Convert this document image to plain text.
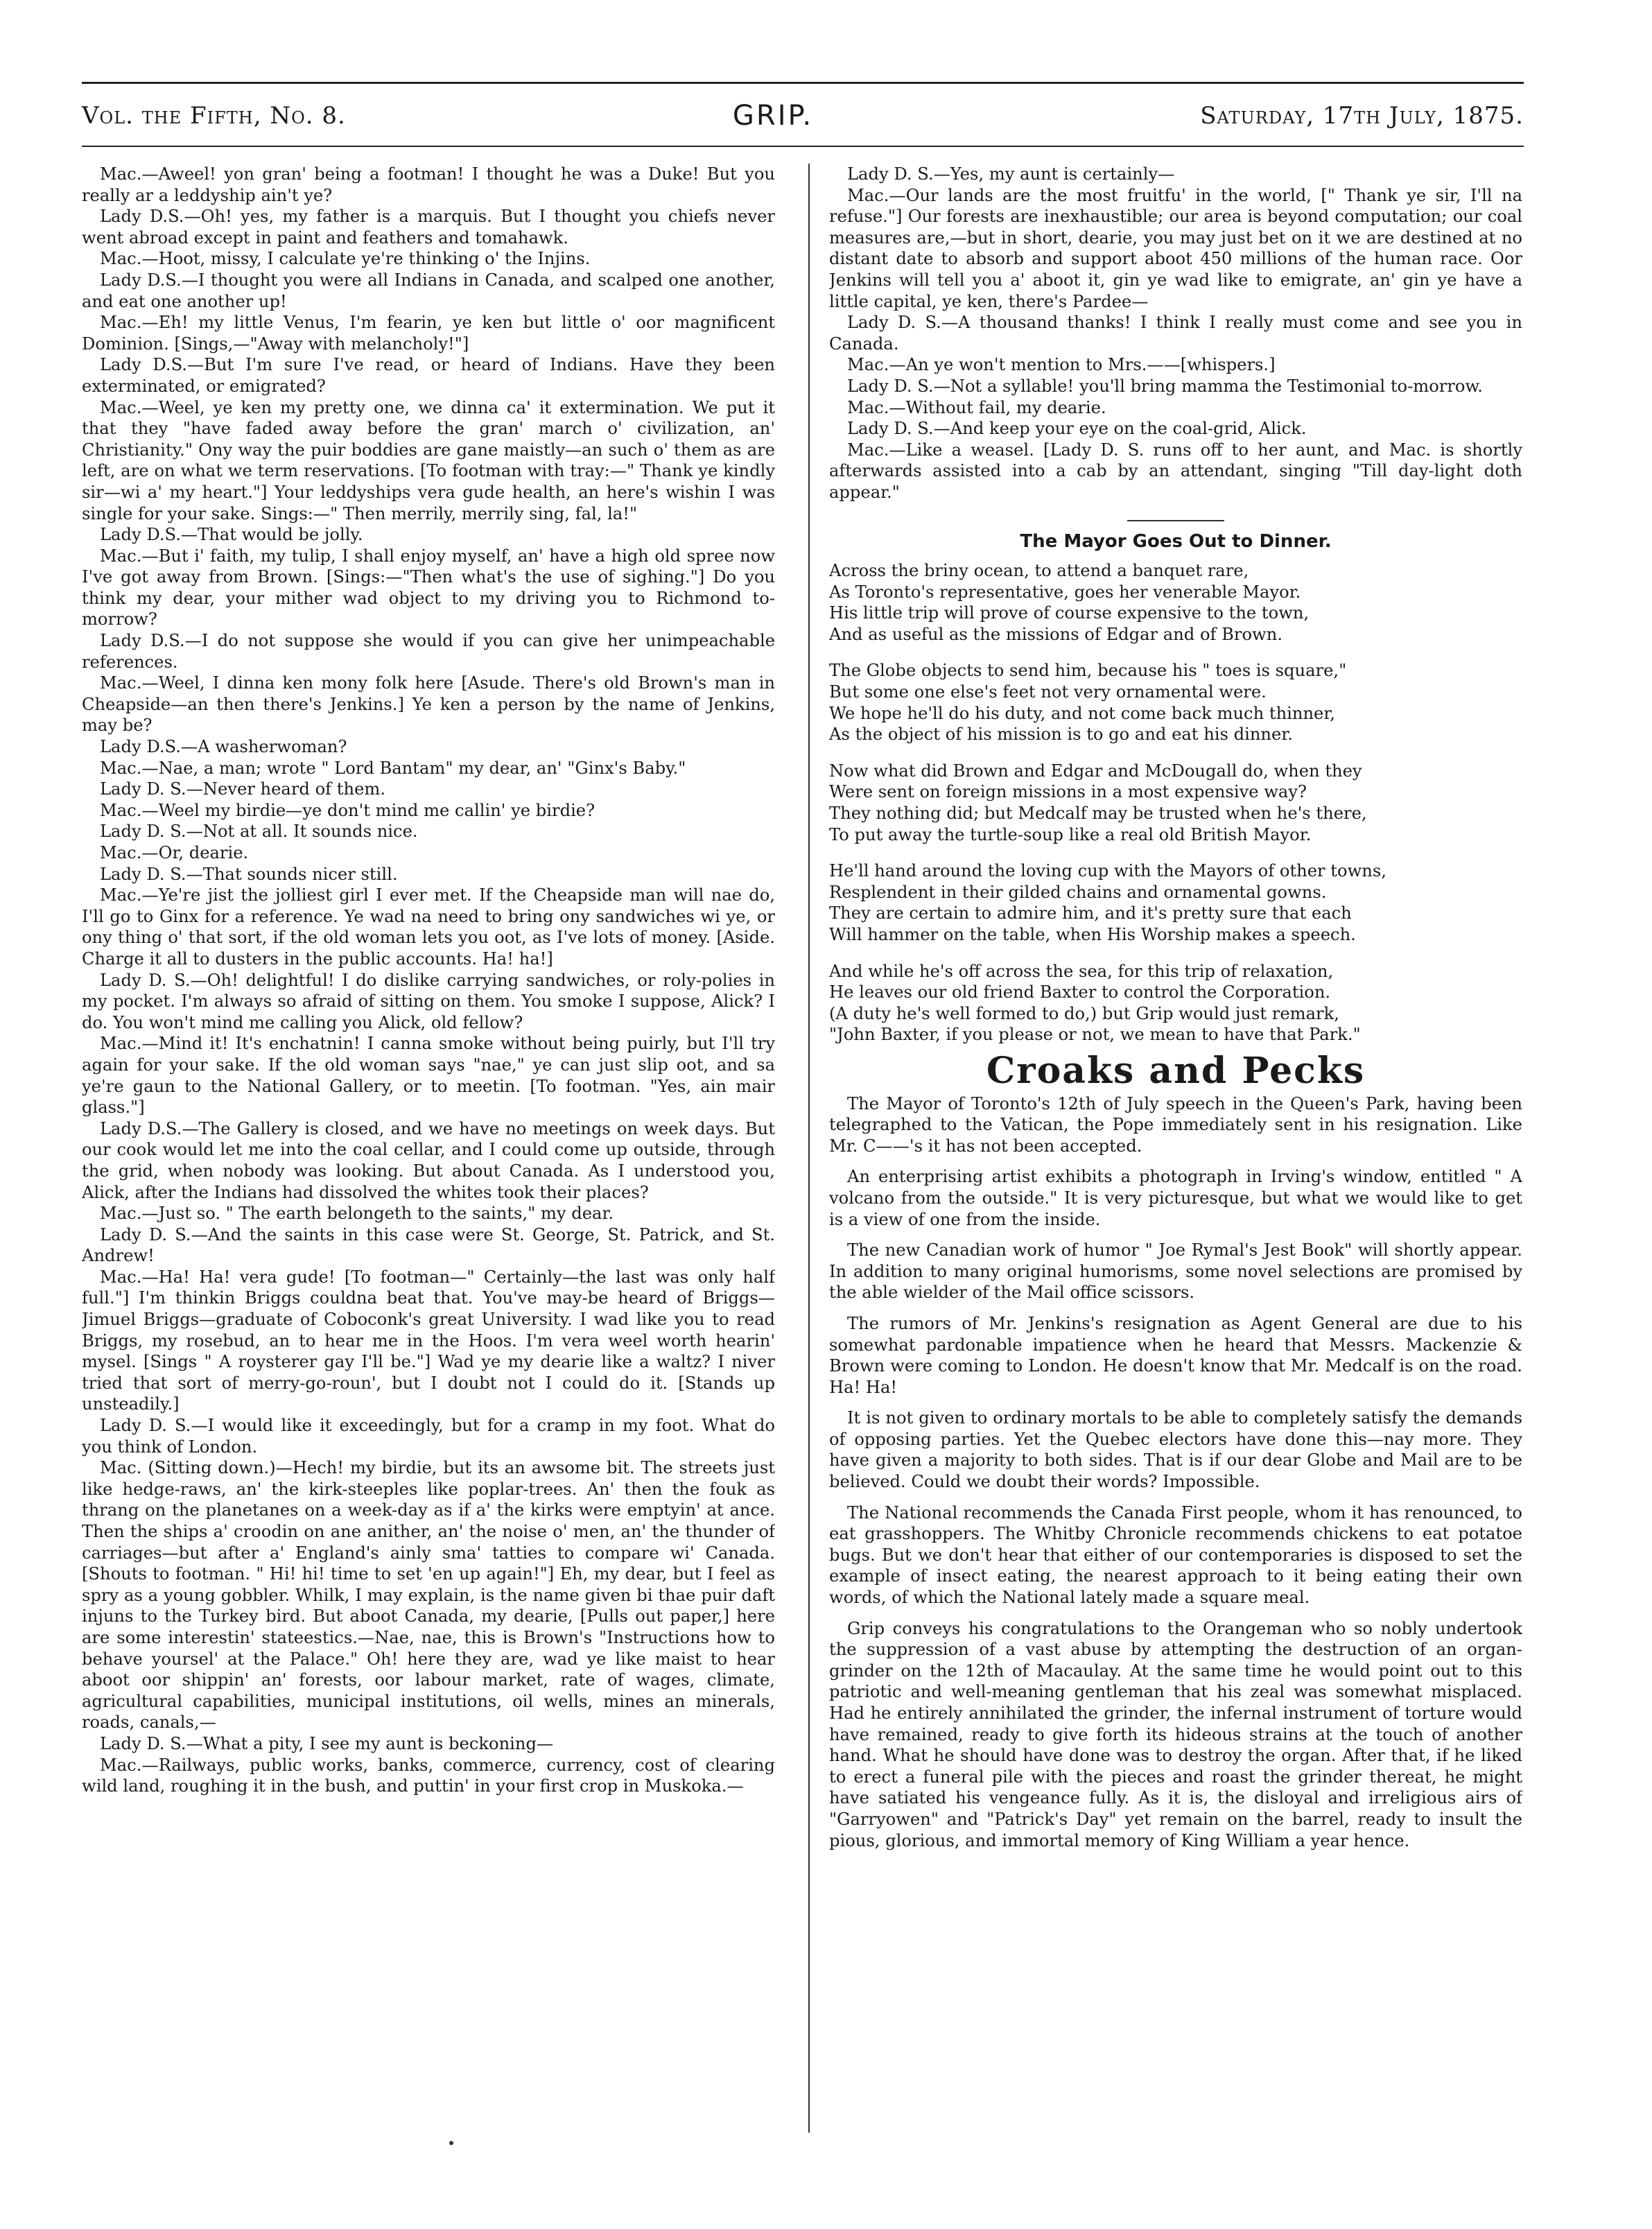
Vol. the Fifth, No. 8.	GRIP.	Saturday, 17th July, 1875.

Mac.—Aweel! yon gran' being a footman! I thought he was a Duke! But you really ar a leddyship ain't ye?

Lady D.S.—Oh! yes, my father is a marquis. But I thought you chiefs never went abroad except in paint and feathers and tomahawk.

Mac.—Hoot, missy, I calculate ye're thinking o' the Injins.

Lady D.S.—I thought you were all Indians in Canada, and scalped one another, and eat one another up!

Mac.—Eh! my little Venus, I'm fearin, ye ken but little o' oor magnificent Dominion. [Sings,—"Away with melancholy!"]

Lady D.S.—But I'm sure I've read, or heard of Indians. Have they been exterminated, or emigrated?

Mac.—Weel, ye ken my pretty one, we dinna ca' it extermination. We put it that they "have faded away before the gran' march o' civilization, an' Christianity." Ony way the puir boddies are gane maistly—an such o' them as are left, are on what we term reservations. [To footman with tray:—" Thank ye kindly sir—wi a' my heart."] Your leddyships vera gude health, an here's wishin I was single for your sake. Sings:—" Then merrily, merrily sing, fal, la!"

Lady D.S.—That would be jolly.

Mac.—But i' faith, my tulip, I shall enjoy myself, an' have a high old spree now I've got away from Brown. [Sings:—"Then what's the use of sighing."] Do you think my dear, your mither wad object to my driving you to Richmond to-morrow?

Lady D.S.—I do not suppose she would if you can give her unimpeachable references.

Mac.—Weel, I dinna ken mony folk here [Asude. There's old Brown's man in Cheapside—an then there's Jenkins.] Ye ken a person by the name of Jenkins, may be?

Lady D.S.—A washerwoman?

Mac.—Nae, a man; wrote " Lord Bantam" my dear, an' "Ginx's Baby."

Lady D. S.—Never heard of them.

Mac.—Weel my birdie—ye don't mind me callin' ye birdie?

Lady D. S.—Not at all. It sounds nice.

Mac.—Or, dearie.

Lady D. S.—That sounds nicer still.

Mac.—Ye're jist the jolliest girl I ever met. If the Cheapside man will nae do, I'll go to Ginx for a reference. Ye wad na need to bring ony sandwiches wi ye, or ony thing o' that sort, if the old woman lets you oot, as I've lots of money. [Aside. Charge it all to dusters in the public accounts. Ha! ha!]

Lady D. S.—Oh! delightful! I do dislike carrying sandwiches, or roly-polies in my pocket. I'm always so afraid of sitting on them. You smoke I suppose, Alick? I do. You won't mind me calling you Alick, old fellow?

Mac.—Mind it! It's enchatnin! I canna smoke without being puirly, but I'll try again for your sake. If the old woman says "nae," ye can just slip oot, and sa ye're gaun to the National Gallery, or to meetin. [To footman. "Yes, ain mair glass."]

Lady D.S.—The Gallery is closed, and we have no meetings on week days. But our cook would let me into the coal cellar, and I could come up outside, through the grid, when nobody was looking. But about Canada. As I understood you, Alick, after the Indians had dissolved the whites took their places?

Mac.—Just so. " The earth belongeth to the saints," my dear.

Lady D. S.—And the saints in this case were St. George, St. Patrick, and St. Andrew!

Mac.—Ha! Ha! vera gude! [To footman—" Certainly—the last was only half full."] I'm thinkin Briggs couldna beat that. You've may-be heard of Briggs—Jimuel Briggs—graduate of Coboconk's great University. I wad like you to read Briggs, my rosebud, an to hear me in the Hoos. I'm vera weel worth hearin' mysel. [Sings " A roysterer gay I'll be."] Wad ye my dearie like a waltz? I niver tried that sort of merry-go-roun', but I doubt not I could do it. [Stands up unsteadily.]

Lady D. S.—I would like it exceedingly, but for a cramp in my foot. What do you think of London.

Mac. (Sitting down.)—Hech! my birdie, but its an awsome bit. The streets just like hedge-raws, an' the kirk-steeples like poplar-trees. An' then the fouk as thrang on the planetanes on a week-day as if a' the kirks were emptyin' at ance. Then the ships a' croodin on ane anither, an' the noise o' men, an' the thunder of carriages—but after a' England's ainly sma' tatties to compare wi' Canada. [Shouts to footman. " Hi! hi! time to set 'en up again!"] Eh, my dear, but I feel as spry as a young gobbler. Whilk, I may explain, is the name given bi thae puir daft injuns to the Turkey bird. But aboot Canada, my dearie, [Pulls out paper,] here are some interestin' stateestics.—Nae, nae, this is Brown's "Instructions how to behave yoursel' at the Palace." Oh! here they are, wad ye like maist to hear aboot oor shippin' an' forests, oor labour market, rate of wages, climate, agricultural capabilities, municipal institutions, oil wells, mines an minerals, roads, canals,—

Lady D. S.—What a pity, I see my aunt is beckoning—

Mac.—Railways, public works, banks, commerce, currency, cost of clearing wild land, roughing it in the bush, and puttin' in your first crop in Muskoka.—

Lady D. S.—Yes, my aunt is certainly—

Mac.—Our lands are the most fruitfu' in the world, [" Thank ye sir, I'll na refuse."] Our forests are inexhaustible; our area is beyond computation; our coal measures are,—but in short, dearie, you may just bet on it we are destined at no distant date to absorb and support aboot 450 millions of the human race. Oor Jenkins will tell you a' aboot it, gin ye wad like to emigrate, an' gin ye have a little capital, ye ken, there's Pardee—

Lady D. S.—A thousand thanks! I think I really must come and see you in Canada.

Mac.—An ye won't mention to Mrs.——[whispers.]

Lady D. S.—Not a syllable! you'll bring mamma the Testimonial to-morrow.

Mac.—Without fail, my dearie.

Lady D. S.—And keep your eye on the coal-grid, Alick.

Mac.—Like a weasel. [Lady D. S. runs off to her aunt, and Mac. is shortly afterwards assisted into a cab by an attendant, singing "Till day-light doth appear."

The Mayor Goes Out to Dinner.
Across the briny ocean, to attend a banquet rare,
As Toronto's representative, goes her venerable Mayor.
His little trip will prove of course expensive to the town,
And as useful as the missions of Edgar and of Brown.
The Globe objects to send him, because his " toes is square,"
But some one else's feet not very ornamental were.
We hope he'll do his duty, and not come back much thinner,
As the object of his mission is to go and eat his dinner.
Now what did Brown and Edgar and McDougall do, when they
Were sent on foreign missions in a most expensive way?
They nothing did; but Medcalf may be trusted when he's there,
To put away the turtle-soup like a real old British Mayor.
He'll hand around the loving cup with the Mayors of other towns,
Resplendent in their gilded chains and ornamental gowns.
They are certain to admire him, and it's pretty sure that each
Will hammer on the table, when His Worship makes a speech.
And while he's off across the sea, for this trip of relaxation,
He leaves our old friend Baxter to control the Corporation.
(A duty he's well formed to do,) but Grip would just remark,
"John Baxter, if you please or not, we mean to have that Park."
Croaks and Pecks

The Mayor of Toronto's 12th of July speech in the Queen's Park, having been telegraphed to the Vatican, the Pope immediately sent in his resignation. Like Mr. C——'s it has not been accepted.

An enterprising artist exhibits a photograph in Irving's window, entitled " A volcano from the outside." It is very picturesque, but what we would like to get is a view of one from the inside.

The new Canadian work of humor " Joe Rymal's Jest Book" will shortly appear. In addition to many original humorisms, some novel selections are promised by the able wielder of the Mail office scissors.

The rumors of Mr. Jenkins's resignation as Agent General are due to his somewhat pardonable impatience when he heard that Messrs. Mackenzie & Brown were coming to London. He doesn't know that Mr. Medcalf is on the road. Ha! Ha!

It is not given to ordinary mortals to be able to completely satisfy the demands of opposing parties. Yet the Quebec electors have done this—nay more. They have given a majority to both sides. That is if our dear Globe and Mail are to be believed. Could we doubt their words? Impossible.

The National recommends the Canada First people, whom it has renounced, to eat grasshoppers. The Whitby Chronicle recommends chickens to eat potatoe bugs. But we don't hear that either of our contemporaries is disposed to set the example of insect eating, the nearest approach to it being eating their own words, of which the National lately made a square meal.

Grip conveys his congratulations to the Orangeman who so nobly undertook the suppression of a vast abuse by attempting the destruction of an organ-grinder on the 12th of Macaulay. At the same time he would point out to this patriotic and well-meaning gentleman that his zeal was somewhat misplaced. Had he entirely annihilated the grinder, the infernal instrument of torture would have remained, ready to give forth its hideous strains at the touch of another hand. What he should have done was to destroy the organ. After that, if he liked to erect a funeral pile with the pieces and roast the grinder thereat, he might have satiated his vengeance fully. As it is, the disloyal and irreligious airs of "Garryowen" and "Patrick's Day" yet remain on the barrel, ready to insult the pious, glorious, and immortal memory of King William a year hence.
